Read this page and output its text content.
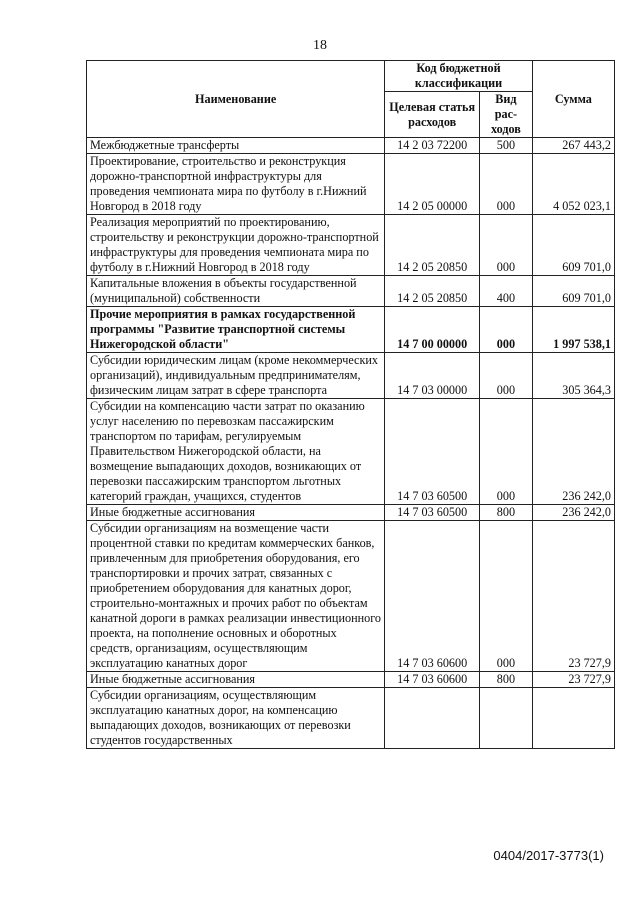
18
Наименование	Код бюджетной классификации		Сумма
	Целевая статья расходов	Вид рас-ходов	
Межбюджетные трансферты	14 2 03 72200	500	267 443,2
Проектирование, строительство и реконструкция дорожно-транспортной инфраструктуры для проведения чемпионата мира по футболу в г.Нижний Новгород в 2018 году	14 2 05 00000	000	4 052 023,1
Реализация мероприятий по проектированию, строительству и реконструкции дорожно-транспортной инфраструктуры для проведения чемпионата мира по футболу в г.Нижний Новгород в 2018 году	14 2 05 20850	000	609 701,0
Капитальные вложения в объекты государственной (муниципальной) собственности	14 2 05 20850	400	609 701,0
Прочие мероприятия в рамках государственной программы "Развитие транспортной системы Нижегородской области"	14 7 00 00000	000	1 997 538,1
Субсидии юридическим лицам (кроме некоммерческих организаций), индивидуальным предпринимателям, физическим лицам затрат в сфере транспорта	14 7 03 00000	000	305 364,3
Субсидии на компенсацию части затрат по оказанию услуг населению по перевозкам пассажирским транспортом по тарифам, регулируемым Правительством Нижегородской области, на возмещение выпадающих доходов, возникающих от перевозки пассажирским транспортом льготных категорий граждан, учащихся, студентов	14 7 03 60500	000	236 242,0
Иные бюджетные ассигнования	14 7 03 60500	800	236 242,0
Субсидии организациям на возмещение части процентной ставки по кредитам коммерческих банков, привлеченным для приобретения оборудования, его транспортировки и прочих затрат, связанных с приобретением оборудования для канатных дорог, строительно-монтажных и прочих работ по объектам канатной дороги в рамках реализации инвестиционного проекта, на пополнение основных и оборотных средств, организациям, осуществляющим эксплуатацию канатных дорог	14 7 03 60600	000	23 727,9
Иные бюджетные ассигнования	14 7 03 60600	800	23 727,9
Субсидии организациям, осуществляющим эксплуатацию канатных дорог, на компенсацию выпадающих доходов, возникающих от перевозки студентов государственных			
0404/2017-3773(1)
